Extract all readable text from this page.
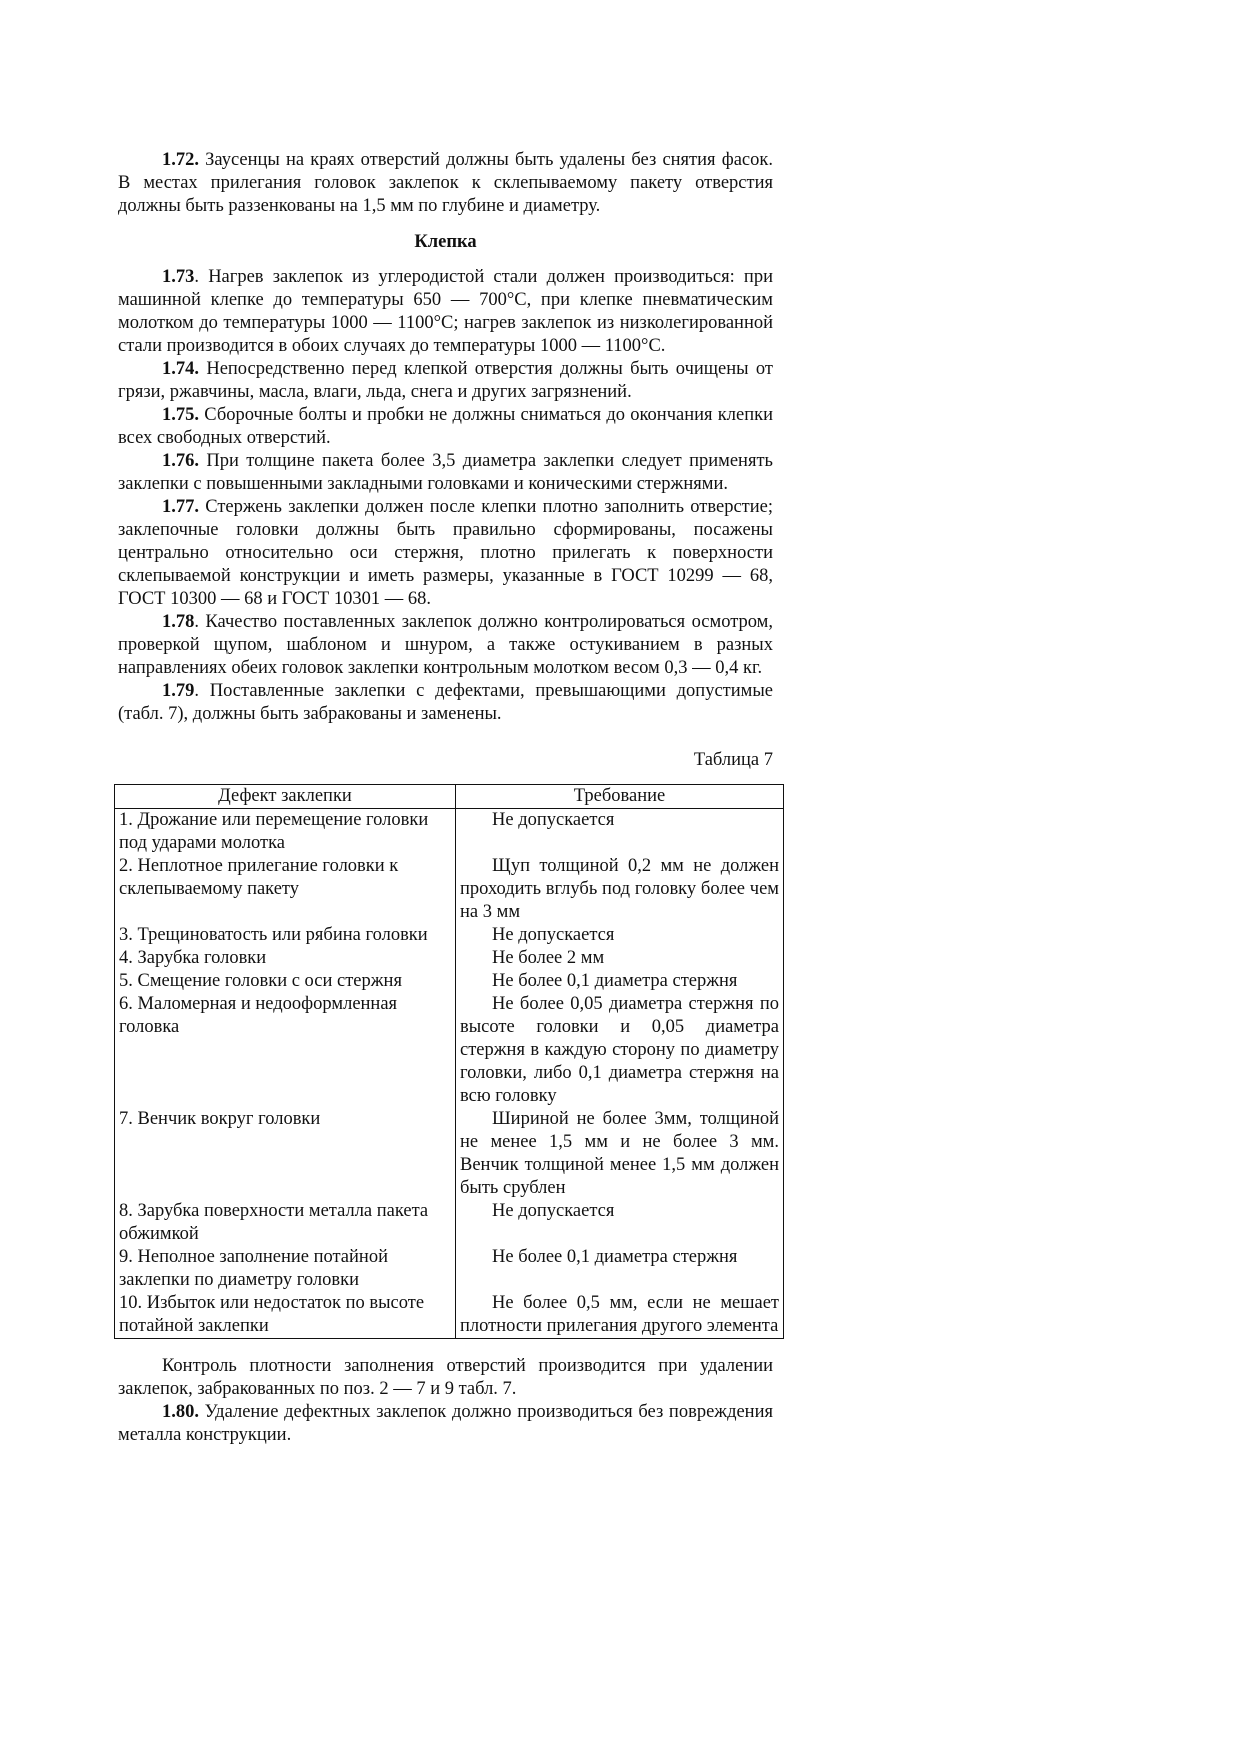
1.72. Заусенцы на краях отверстий должны быть удалены без снятия фасок. В местах прилегания головок заклепок к склепываемому пакету отверстия должны быть раззенкованы на 1,5 мм по глубине и диаметру.

Клепка

1.73. Нагрев заклепок из углеродистой стали должен производиться: при машинной клепке до температуры 650 — 700°С, при клепке пневматическим молотком до температуры 1000 — 1100°С; нагрев заклепок из низколегированной стали производится в обоих случаях до температуры 1000 — 1100°С.

1.74. Непосредственно перед клепкой отверстия должны быть очищены от грязи, ржавчины, масла, влаги, льда, снега и других загрязнений.

1.75. Сборочные болты и пробки не должны сниматься до окончания клепки всех свободных отверстий.

1.76. При толщине пакета более 3,5 диаметра заклепки следует применять заклепки с повышенными закладными головками и коническими стержнями.

1.77. Стержень заклепки должен после клепки плотно заполнить отверстие; заклепочные головки должны быть правильно сформированы, посажены центрально относительно оси стержня, плотно прилегать к поверхности склепываемой конструкции и иметь размеры, указанные в ГОСТ 10299 — 68, ГОСТ 10300 — 68 и ГОСТ 10301 — 68.

1.78. Качество поставленных заклепок должно контролироваться осмотром, проверкой щупом, шаблоном и шнуром, а также остукиванием в разных направлениях обеих головок заклепки контрольным молотком весом 0,3 — 0,4 кг.

1.79. Поставленные заклепки с дефектами, превышающими допустимые (табл. 7), должны быть забракованы и заменены.

Таблица 7
Дефект заклепки	Требование
1. Дрожание или перемещение головки под ударами молотка	Не допускается
2. Неплотное прилегание головки к склепываемому пакету	Щуп толщиной 0,2 мм не должен проходить вглубь под головку более чем на 3 мм
3. Трещиноватость или рябина головки	Не допускается
4. Зарубка головки	Не более 2 мм
5. Смещение головки с оси стержня	Не более 0,1 диаметра стержня
6. Маломерная и недооформленная головка	Не более 0,05 диаметра стержня по высоте головки и 0,05 диаметра стержня в каждую сторону по диаметру головки, либо 0,1 диаметра стержня на всю головку
7. Венчик вокруг головки	Шириной не более 3мм, толщиной не менее 1,5 мм и не более 3 мм. Венчик толщиной менее 1,5 мм должен быть срублен
8. Зарубка поверхности металла пакета обжимкой	Не допускается
9. Неполное заполнение потайной заклепки по диаметру головки	Не более 0,1 диаметра стержня
10. Избыток или недостаток по высоте потайной заклепки	Не более 0,5 мм, если не мешает плотности прилегания другого элемента

Контроль плотности заполнения отверстий производится при удалении заклепок, забракованных по поз. 2 — 7 и 9 табл. 7.

1.80. Удаление дефектных заклепок должно производиться без повреждения металла конструкции.
